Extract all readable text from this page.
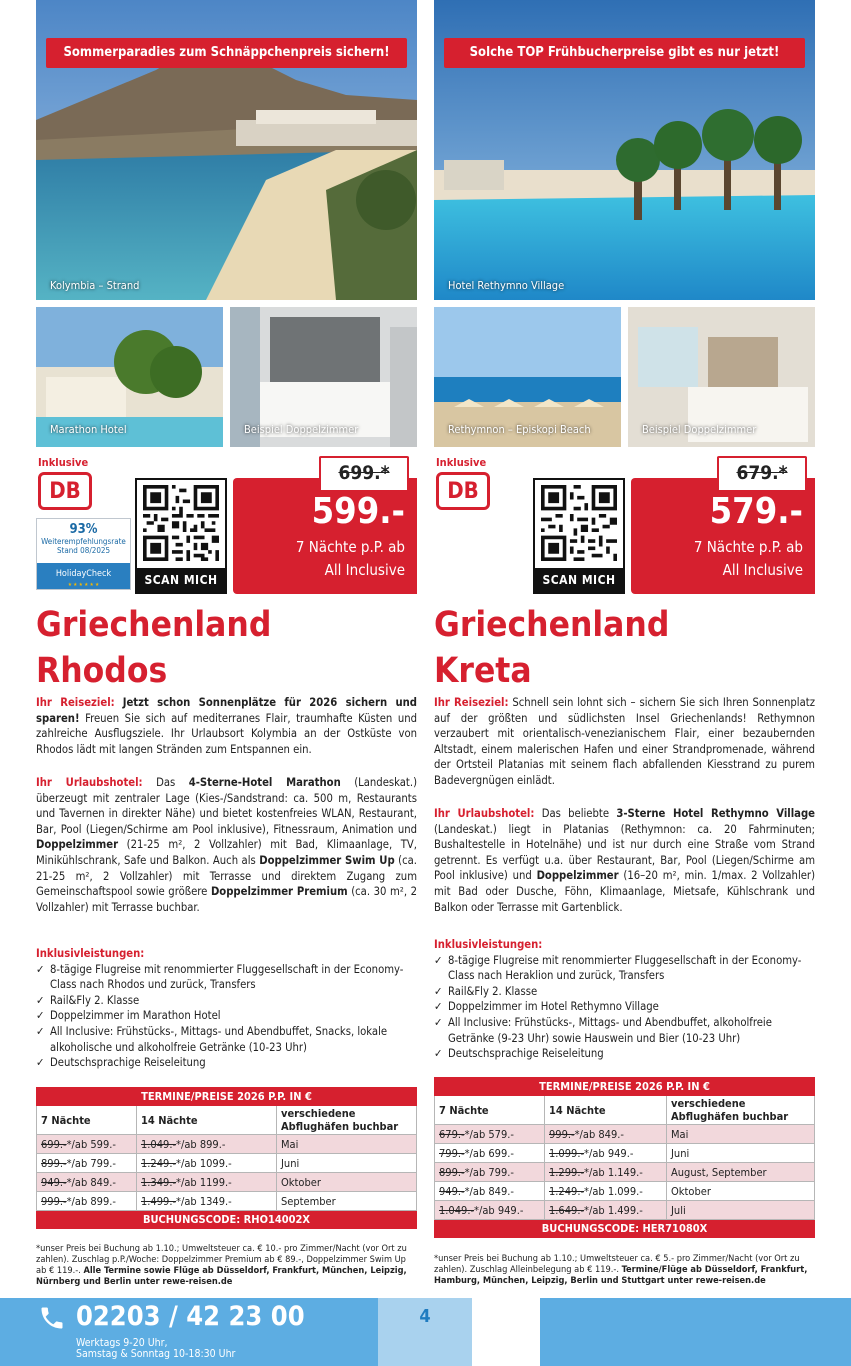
Sommerparadies zum Schnäppchenpreis sichern!
Kolymbia – Strand
Marathon Hotel	Beispiel Doppelzimmer
Inklusive
DB
93%
Weiterempfehlungsrate
Stand 08/2025
HolidayCheck
★ ★ ★ ★ ★ ★	SCAN MICH
699.*
599.-
7 Nächte p.P. ab
All Inclusive
Griechenland
Rhodos
Ihr Reiseziel: Jetzt schon Sonnenplätze für 2026 sichern und sparen! Freuen Sie sich auf mediterranes Flair, traumhafte Küsten und zahlreiche Ausflugsziele. Ihr Urlaubsort Kolymbia an der Ostküste von Rhodos lädt mit langen Stränden zum Entspannen ein.
Ihr Urlaubshotel: Das 4-Sterne-Hotel Marathon (Landeskat.) überzeugt mit zentraler Lage (Kies-/Sandstrand: ca. 500 m, Restaurants und Tavernen in direkter Nähe) und bietet kostenfreies WLAN, Restaurant, Bar, Pool (Liegen/Schirme am Pool inklusive), Fitnessraum, Animation und Doppelzimmer (21-25 m², 2 Vollzahler) mit Bad, Klimaanlage, TV, Minikühlschrank, Safe und Balkon. Auch als Doppelzimmer Swim Up (ca. 21-25 m², 2 Vollzahler) mit Terrasse und direktem Zugang zum Gemeinschaftspool sowie größere Doppelzimmer Premium (ca. 30 m², 2 Vollzahler) mit Terrasse buchbar.
Inklusivleistungen:
✓ 8-tägige Flugreise mit renommierter Fluggesellschaft in der Economy-Class nach Rhodos und zurück, Transfers
✓ Rail&Fly 2. Klasse
✓ Doppelzimmer im Marathon Hotel
✓ All Inclusive: Frühstücks-, Mittags- und Abendbuffet, Snacks, lokale alkoholische und alkoholfreie Getränke (10-23 Uhr)
✓ Deutschsprachige Reiseleitung
TERMINE/PREISE 2026 P.P. IN €		
7 Nächte	14 Nächte	verschiedene Abflughäfen buchbar
699.-*/ab 599.-	1.049.-*/ab 899.-	Mai
899.-*/ab 799.-	1.249.-*/ab 1099.-	Juni
949.-*/ab 849.-	1.349.-*/ab 1199.-	Oktober
999.-*/ab 899.-	1.499.-*/ab 1349.-	September
BUCHUNGSCODE: RHO14002X		
*unser Preis bei Buchung ab 1.10.; Umweltsteuer ca. € 10.- pro Zimmer/Nacht (vor Ort zu zahlen). Zuschlag p.P./Woche: Doppelzimmer Premium ab € 89.-, Doppelzimmer Swim Up ab € 119.-. Alle Termine sowie Flüge ab Düsseldorf, Frankfurt, München, Leipzig, Nürnberg und Berlin unter rewe-reisen.de
Solche TOP Frühbucherpreise gibt es nur jetzt!
Hotel Rethymno Village
Rethymnon – Episkopi Beach	Beispiel Doppelzimmer
Inklusive
DB
SCAN MICH
679.*
579.-
7 Nächte p.P. ab
All Inclusive
Griechenland
Kreta
Ihr Reiseziel: Schnell sein lohnt sich – sichern Sie sich Ihren Sonnenplatz auf der größten und südlichsten Insel Griechenlands! Rethymnon verzaubert mit orientalisch-venezianischem Flair, einer bezaubernden Altstadt, einem malerischen Hafen und einer Strandpromenade, während der Ortsteil Platanias mit seinem flach abfallenden Kiesstrand zu purem Badevergnügen einlädt.
Ihr Urlaubshotel: Das beliebte 3-Sterne Hotel Rethymno Village (Landeskat.) liegt in Platanias (Rethymnon: ca. 20 Fahrminuten; Bushaltestelle in Hotelnähe) und ist nur durch eine Straße vom Strand getrennt. Es verfügt u.a. über Restaurant, Bar, Pool (Liegen/Schirme am Pool inklusive) und Doppelzimmer (16–20 m², min. 1/max. 2 Vollzahler) mit Bad oder Dusche, Föhn, Klimaanlage, Mietsafe, Kühlschrank und Balkon oder Terrasse mit Gartenblick.
Inklusivleistungen:
✓ 8-tägige Flugreise mit renommierter Fluggesellschaft in der Economy-Class nach Heraklion und zurück, Transfers
✓ Rail&Fly 2. Klasse
✓ Doppelzimmer im Hotel Rethymno Village
✓ All Inclusive: Frühstücks-, Mittags- und Abendbuffet, alkoholfreie Getränke (9-23 Uhr) sowie Hauswein und Bier (10-23 Uhr)
✓ Deutschsprachige Reiseleitung
TERMINE/PREISE 2026 P.P. IN €		
7 Nächte	14 Nächte	verschiedene Abflughäfen buchbar
679.-*/ab 579.-	999.-*/ab 849.-	Mai
799.-*/ab 699.-	1.099.-*/ab 949.-	Juni
899.-*/ab 799.-	1.299.-*/ab 1.149.-	August, September
949.-*/ab 849.-	1.249.-*/ab 1.099.-	Oktober
1.049.-*/ab 949.-	1.649.-*/ab 1.499.-	Juli
BUCHUNGSCODE: HER71080X		
*unser Preis bei Buchung ab 1.10.; Umweltsteuer ca. € 5.- pro Zimmer/Nacht (vor Ort zu zahlen). Zuschlag Alleinbelegung ab € 119.-. Termine/Flüge ab Düsseldorf, Frankfurt, Hamburg, München, Leipzig, Berlin und Stuttgart unter rewe-reisen.de
02203 / 42 23 00
Werktags 9-20 Uhr,
Samstag & Sonntag 10-18:30 Uhr
4
